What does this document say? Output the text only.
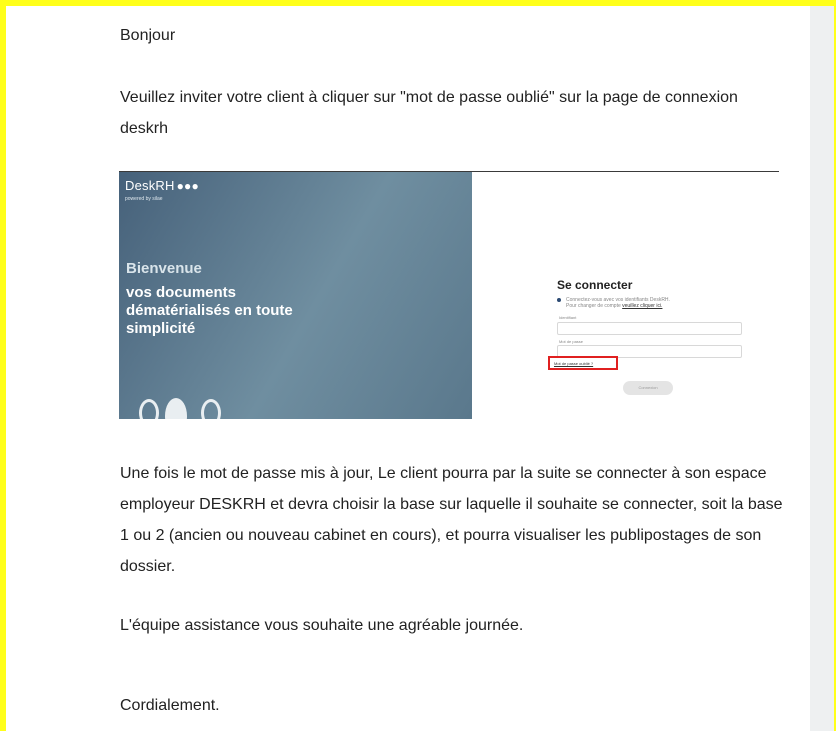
Bonjour

Veuillez inviter votre client à cliquer sur "mot de passe oublié" sur la page de connexion deskrh

DeskRH ●●●
powered by silae
Bienvenue
vos documents dématérialisés en toute simplicité
Se connecter
Connectez-vous avec vos identifiants DeskRH.
Pour changer de compte veuillez cliquer ici.
Identifiant
Mot de passe
Mot de passe oublié ?
Connexion

Une fois le mot de passe mis à jour, Le client pourra par la suite se connecter à son espace employeur DESKRH et devra choisir la base sur laquelle il souhaite se connecter, soit la base 1 ou 2 (ancien ou nouveau cabinet en cours), et pourra visualiser les publipostages de son dossier.

L'équipe assistance vous souhaite une agréable journée.

Cordialement.
